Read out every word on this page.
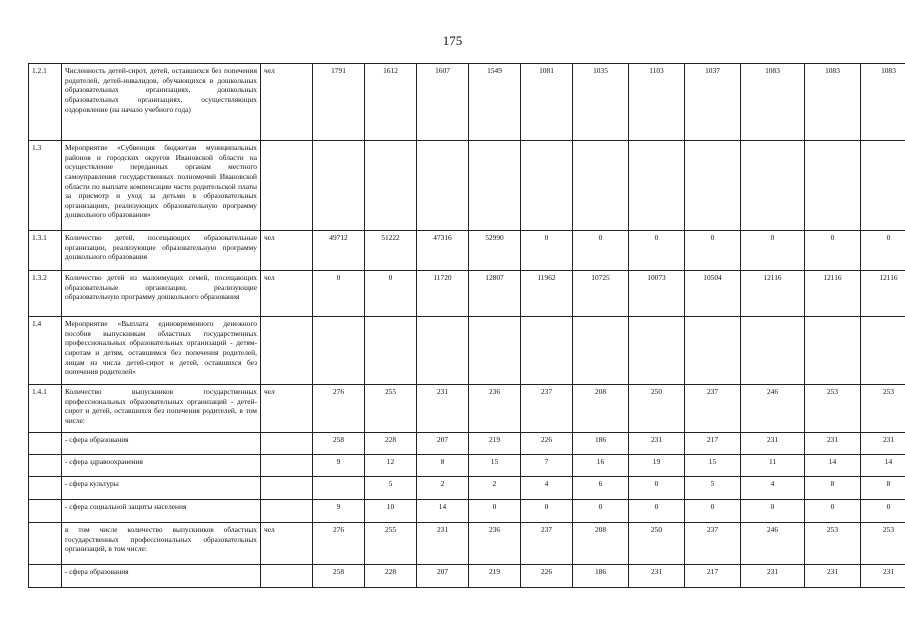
175
1.2.1	Численность детей-сирот, детей, оставшихся без попечения родителей, детей-инвалидов, обучающихся в дошкольных образовательных организациях, дошкольных образовательных организациях, осуществляющих оздоровление (на начало учебного года)	чел	1791	1612	1607	1549	1081	1035	1103	1037	1083	1083	1083
1.3	Мероприятие «Субвенция бюджетам муниципальных районов и городских округов Ивановской области на осуществление переданных органам местного самоуправления государственных полномочий Ивановской области по выплате компенсации части родительской платы за присмотр и уход за детьми в образовательных организациях, реализующих образовательную программу дошкольного образования»												
1.3.1	Количество детей, посещающих образовательные организации, реализующие образовательную программу дошкольного образования	чел	49712	51222	47316	52990	0	0	0	0	0	0	0
1.3.2	Количество детей из малоимущих семей, посещающих образовательные организации, реализующие образовательную программу дошкольного образования	чел	0	0	11720	12807	11962	10725	10073	10504	12116	12116	12116
1.4	Мероприятие «Выплата единовременного денежного пособия выпускникам областных государственных профессиональных образовательных организаций - детям-сиротам и детям, оставшимся без попечения родителей, лицам из числа детей-сирот и детей, оставшихся без попечения родителей»												
1.4.1	Количество выпускников государственных профессиональных образовательных организаций - детей-сирот и детей, оставшихся без попечения родителей, в том числе:	чел	276	255	231	236	237	208	250	237	246	253	253
	- сфера образования		258	228	207	219	226	186	231	217	231	231	231
	- сфера здравоохранения		9	12	8	15	7	16	19	15	11	14	14
	- сфера культуры			5	2	2	4	6	0	5	4	8	8
	- сфера социальной защиты населения		9	10	14	0	0	0	0	0	0	0	0
	в том числе количество выпускников областных государственных профессиональных образовательных организаций, в том числе:	чел	276	255	231	236	237	208	250	237	246	253	253
	- сфера образования		258	228	207	219	226	186	231	217	231	231	231
